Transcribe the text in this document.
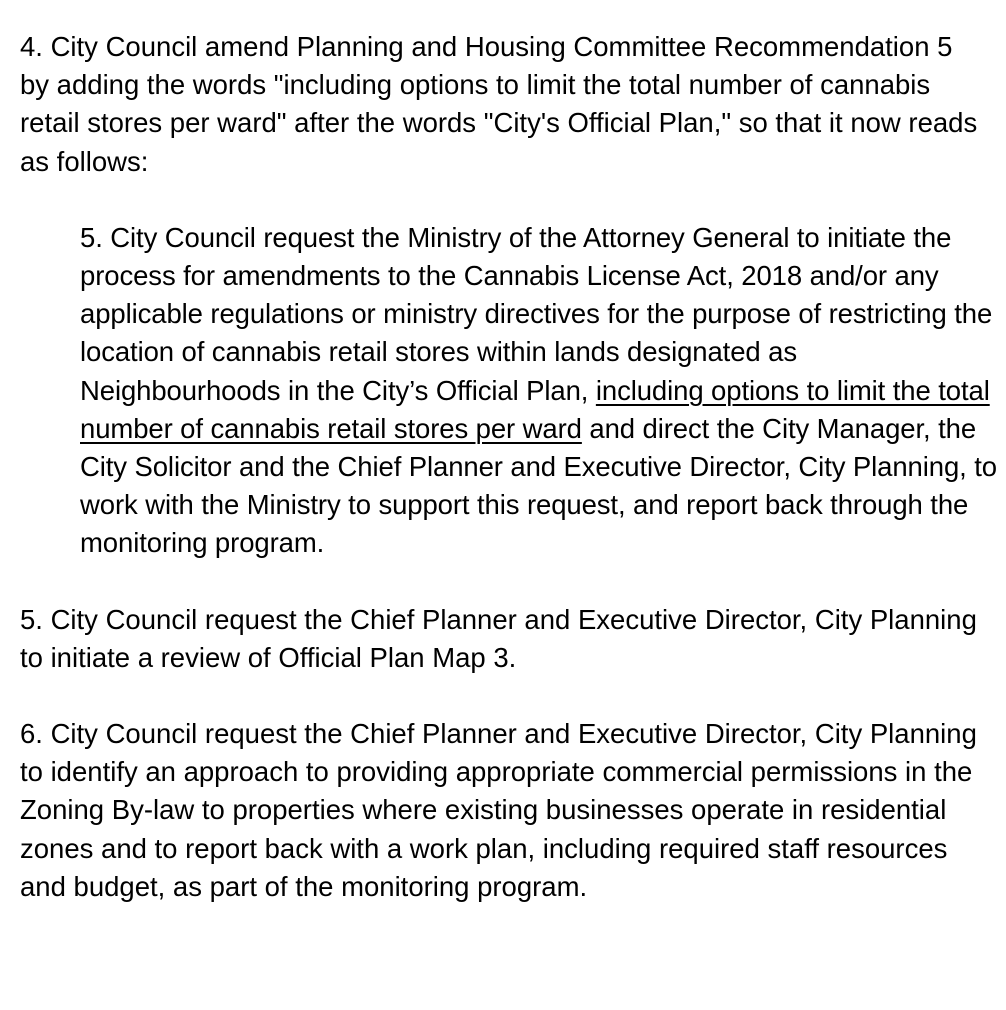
4. City Council amend Planning and Housing Committee Recommendation 5 by adding the words "including options to limit the total number of cannabis retail stores per ward" after the words "City's Official Plan," so that it now reads as follows:

5. City Council request the Ministry of the Attorney General to initiate the process for amendments to the Cannabis License Act, 2018 and/or any applicable regulations or ministry directives for the purpose of restricting the location of cannabis retail stores within lands designated as Neighbourhoods in the City’s Official Plan, including options to limit the total number of cannabis retail stores per ward and direct the City Manager, the City Solicitor and the Chief Planner and Executive Director, City Planning, to work with the Ministry to support this request, and report back through the monitoring program.

5. City Council request the Chief Planner and Executive Director, City Planning to initiate a review of Official Plan Map 3.

6. City Council request the Chief Planner and Executive Director, City Planning to identify an approach to providing appropriate commercial permissions in the Zoning By-law to properties where existing businesses operate in residential zones and to report back with a work plan, including required staff resources and budget, as part of the monitoring program.
